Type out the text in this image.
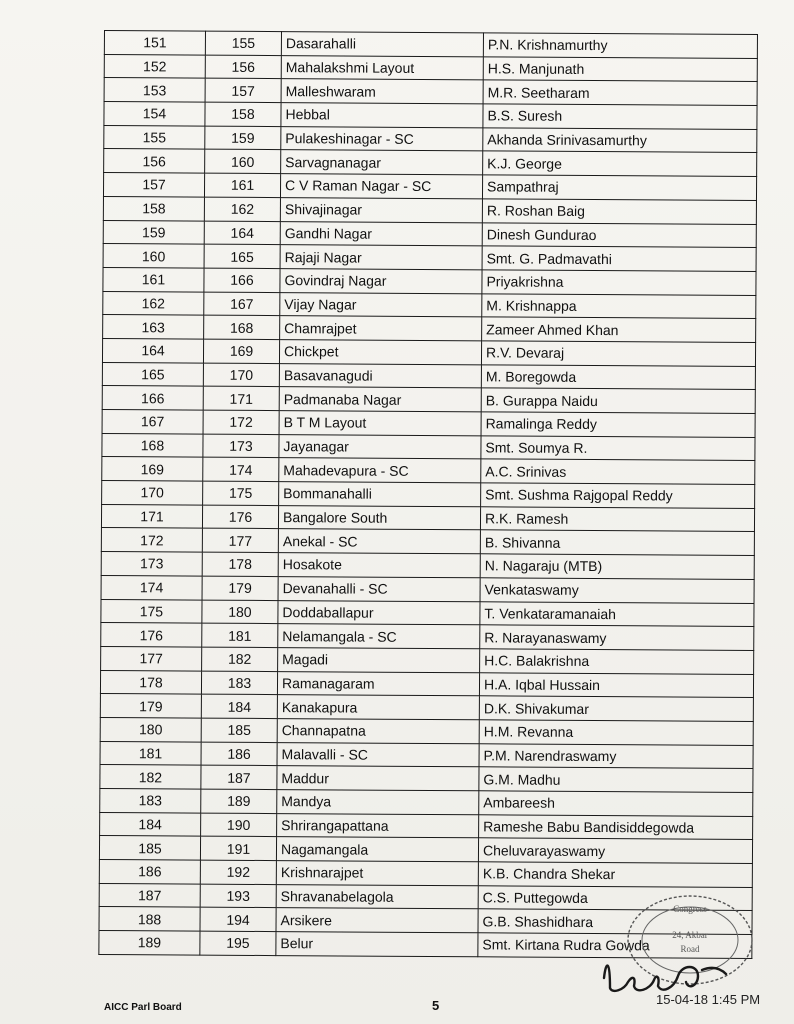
151	155	Dasarahalli	P.N. Krishnamurthy
152	156	Mahalakshmi Layout	H.S. Manjunath
153	157	Malleshwaram	M.R. Seetharam
154	158	Hebbal	B.S. Suresh
155	159	Pulakeshinagar - SC	Akhanda Srinivasamurthy
156	160	Sarvagnanagar	K.J. George
157	161	C V Raman Nagar - SC	Sampathraj
158	162	Shivajinagar	R. Roshan Baig
159	164	Gandhi Nagar	Dinesh Gundurao
160	165	Rajaji Nagar	Smt. G. Padmavathi
161	166	Govindraj Nagar	Priyakrishna
162	167	Vijay Nagar	M. Krishnappa
163	168	Chamrajpet	Zameer Ahmed Khan
164	169	Chickpet	R.V. Devaraj
165	170	Basavanagudi	M. Boregowda
166	171	Padmanaba Nagar	B. Gurappa Naidu
167	172	B T M Layout	Ramalinga Reddy
168	173	Jayanagar	Smt. Soumya R.
169	174	Mahadevapura - SC	A.C. Srinivas
170	175	Bommanahalli	Smt. Sushma Rajgopal Reddy
171	176	Bangalore South	R.K. Ramesh
172	177	Anekal - SC	B. Shivanna
173	178	Hosakote	N. Nagaraju (MTB)
174	179	Devanahalli - SC	Venkataswamy
175	180	Doddaballapur	T. Venkataramanaiah
176	181	Nelamangala - SC	R. Narayanaswamy
177	182	Magadi	H.C. Balakrishna
178	183	Ramanagaram	H.A. Iqbal Hussain
179	184	Kanakapura	D.K. Shivakumar
180	185	Channapatna	H.M. Revanna
181	186	Malavalli - SC	P.M. Narendraswamy
182	187	Maddur	G.M. Madhu
183	189	Mandya	Ambareesh
184	190	Shrirangapattana	Rameshe Babu Bandisiddegowda
185	191	Nagamangala	Cheluvarayaswamy
186	192	Krishnarajpet	K.B. Chandra Shekar
187	193	Shravanabelagola	C.S. Puttegowda
188	194	Arsikere	G.B. Shashidhara
189	195	Belur	Smt. Kirtana Rudra Gowda
AICC Parl Board	5
Congress
24, Akbar
Road
15-04-18 1:45 PM
